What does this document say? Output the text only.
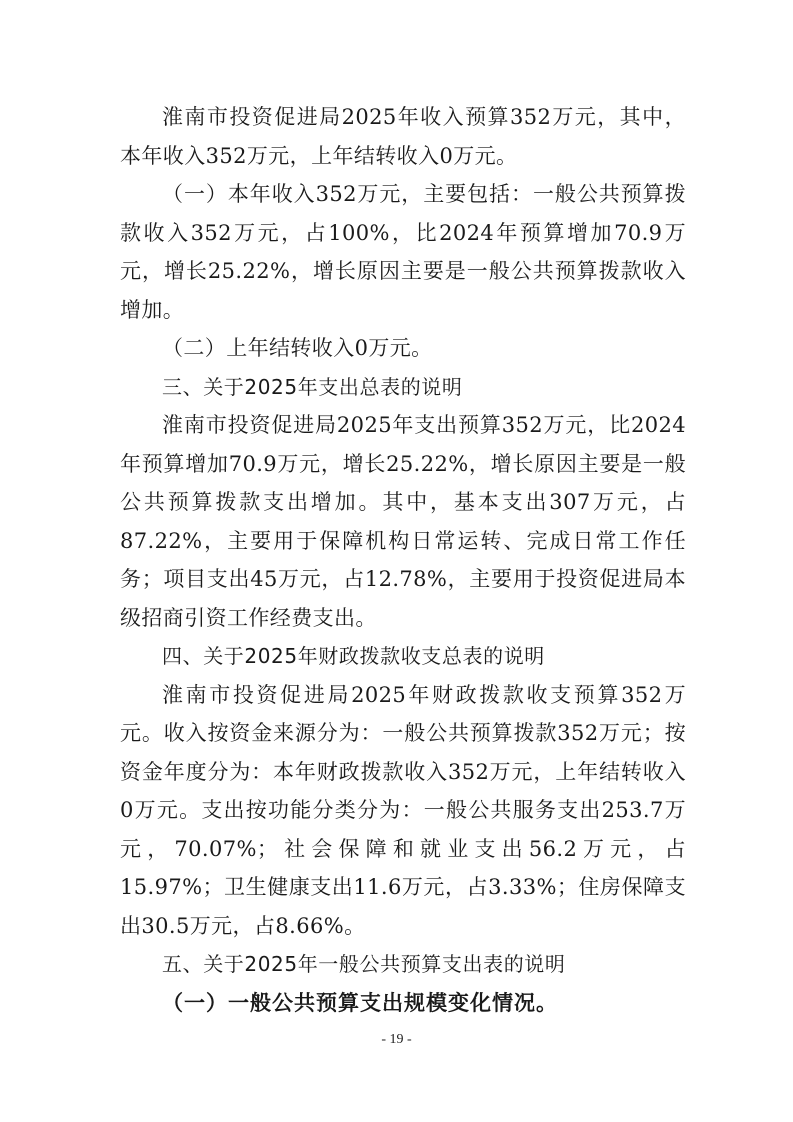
淮南市投资促进局2025年收入预算352万元，其中，本年收入352万元，上年结转收入0万元。

（一）本年收入352万元，主要包括：一般公共预算拨款收入352万元，占100%，比2024年预算增加70.9万元，增长25.22%，增长原因主要是一般公共预算拨款收入增加。

（二）上年结转收入0万元。

三、关于2025年支出总表的说明

淮南市投资促进局2025年支出预算352万元，比2024年预算增加70.9万元，增长25.22%，增长原因主要是一般公共预算拨款支出增加。其中，基本支出307万元，占87.22%，主要用于保障机构日常运转、完成日常工作任务；项目支出45万元，占12.78%，主要用于投资促进局本级招商引资工作经费支出。

四、关于2025年财政拨款收支总表的说明

淮南市投资促进局2025年财政拨款收支预算352万元。收入按资金来源分为：一般公共预算拨款352万元；按资金年度分为：本年财政拨款收入352万元，上年结转收入0万元。支出按功能分类分为：一般公共服务支出253.7万元，70.07%；社会保障和就业支出56.2万元，占15.97%；卫生健康支出11.6万元，占3.33%；住房保障支出30.5万元，占8.66%。

五、关于2025年一般公共预算支出表的说明

（一）一般公共预算支出规模变化情况。

- 19 -
